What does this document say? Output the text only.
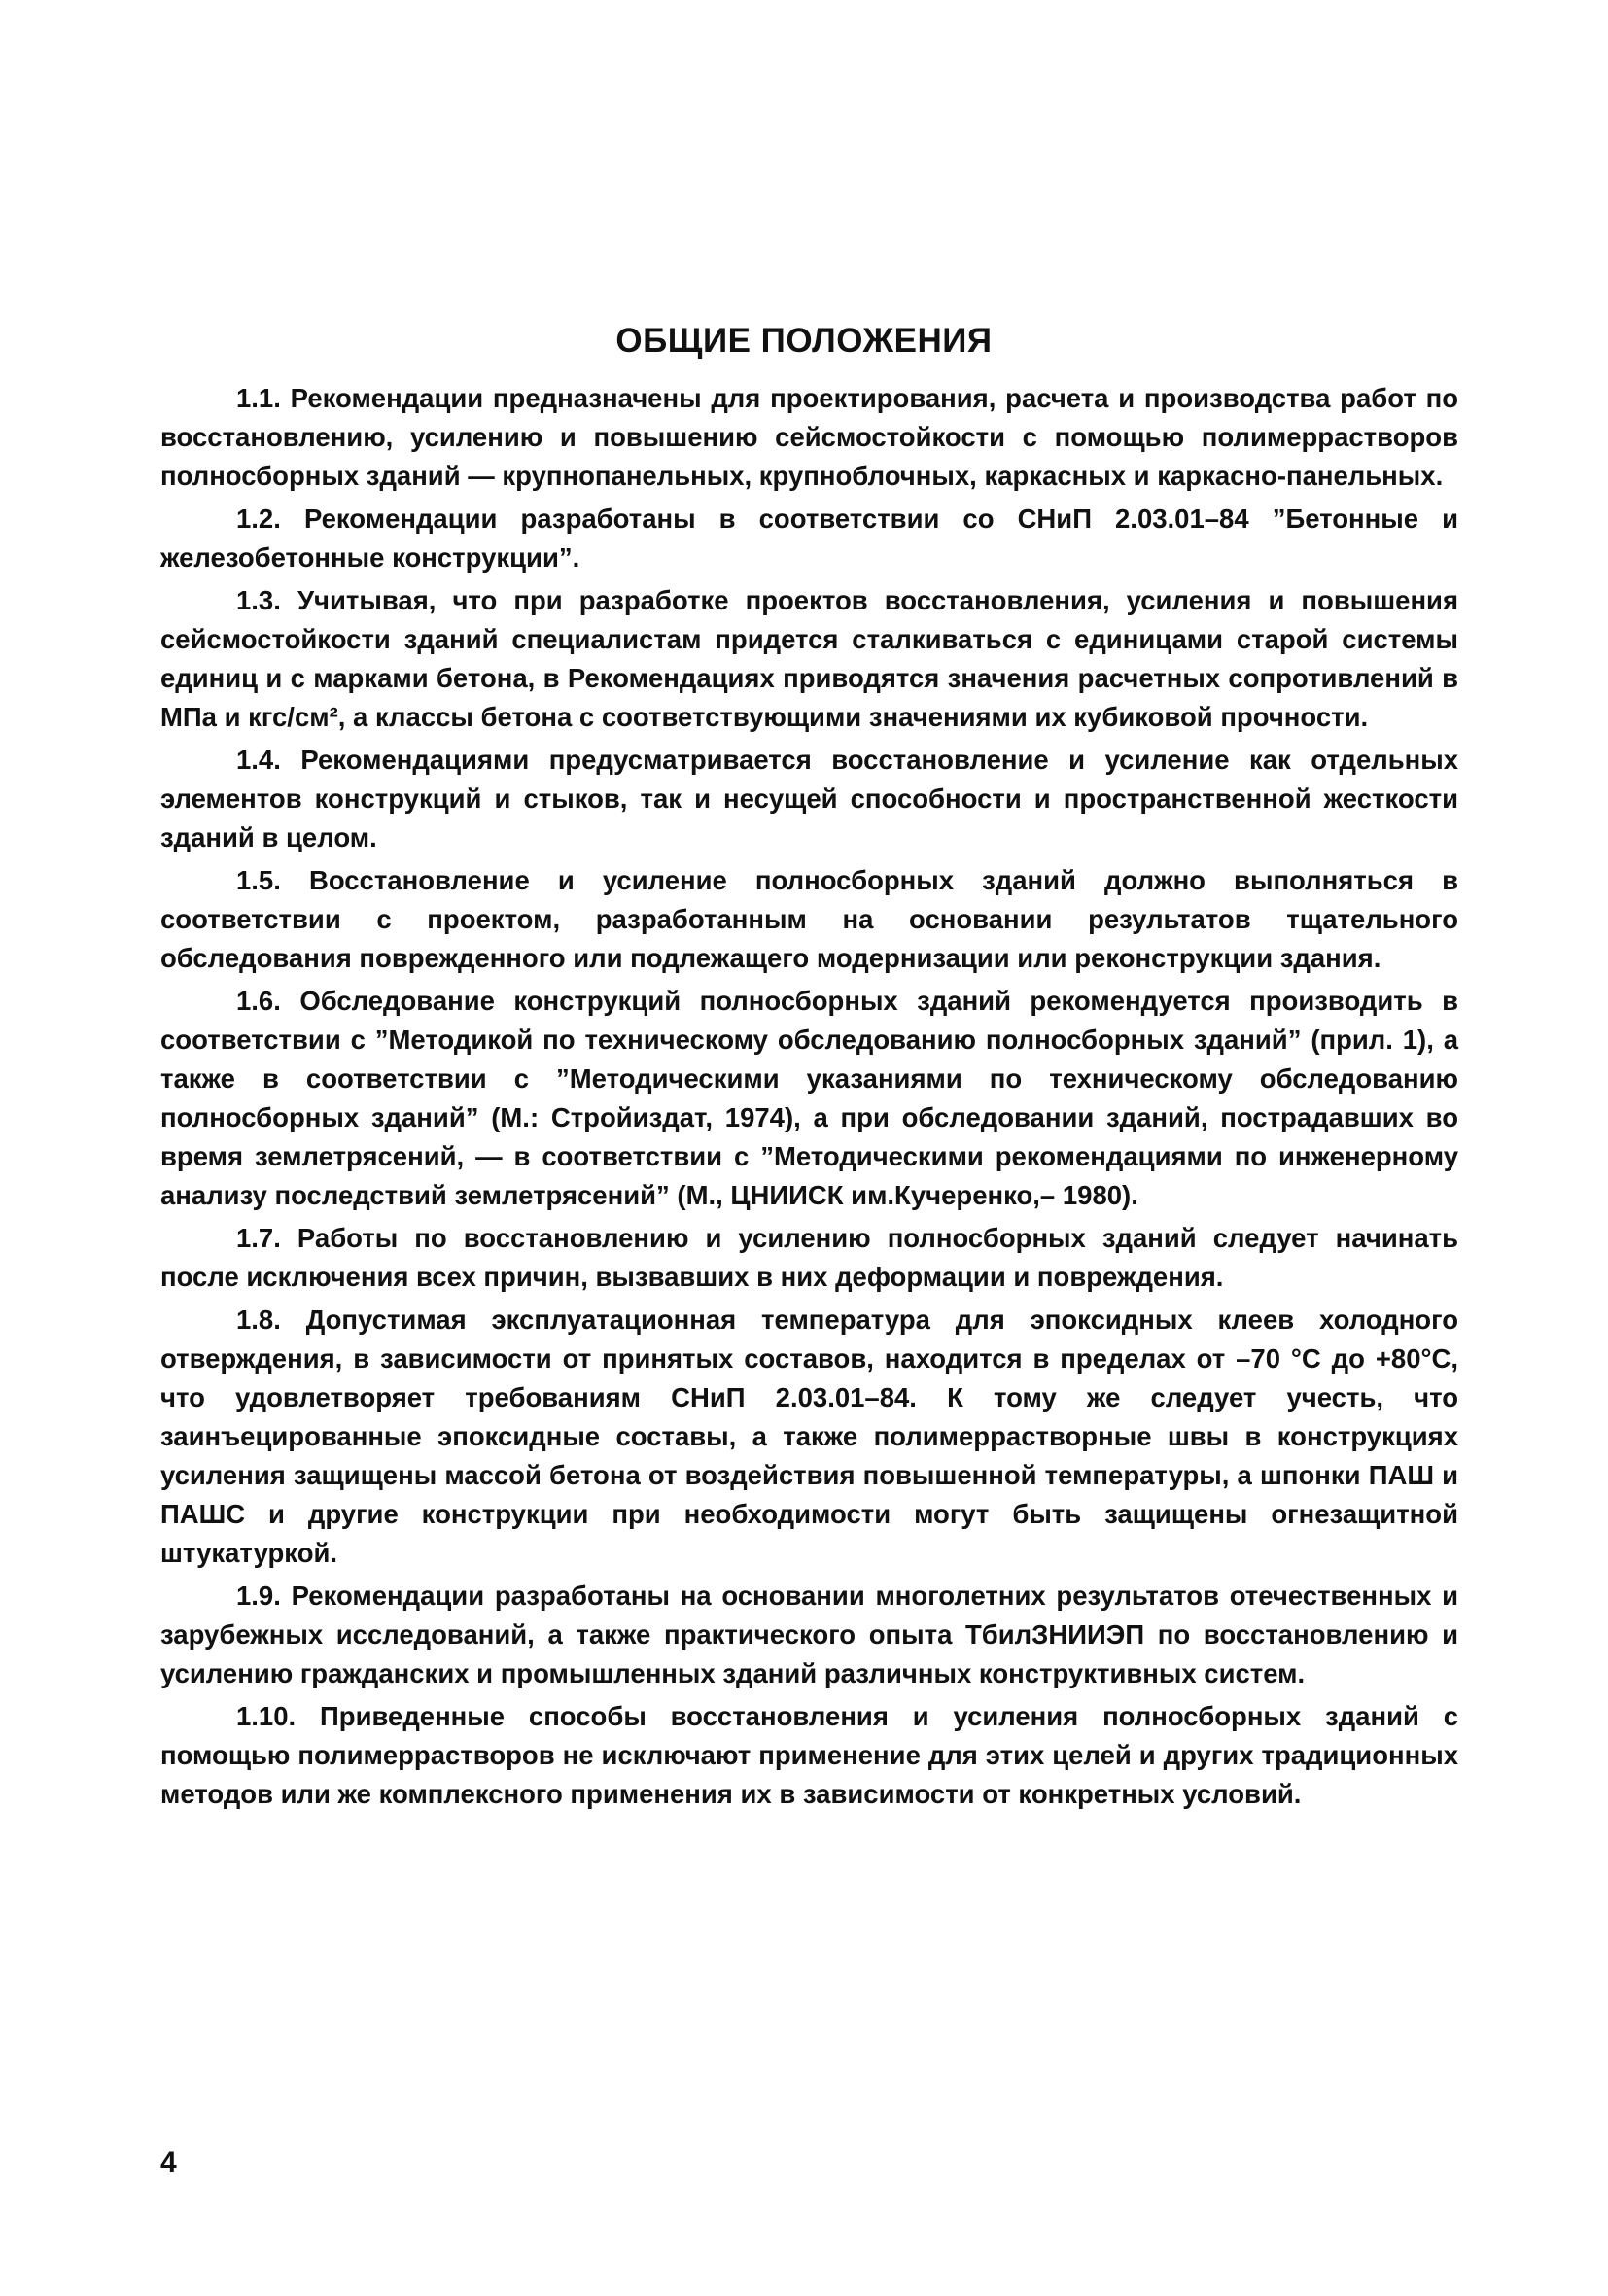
ОБЩИЕ ПОЛОЖЕНИЯ

1.1. Рекомендации предназначены для проектирования, расчета и производства работ по восстановлению, усилению и повышению сейсмостойкости с помощью полимеррастворов полносборных зданий — крупнопанельных, крупноблочных, каркасных и каркасно-панельных.

1.2. Рекомендации разработаны в соответствии со СНиП 2.03.01–84 ”Бетонные и железобетонные конструкции”.

1.3. Учитывая, что при разработке проектов восстановления, усиления и повышения сейсмостойкости зданий специалистам придется сталкиваться с единицами старой системы единиц и с марками бетона, в Рекомендациях приводятся значения расчетных сопротивлений в МПа и кгс/см², а классы бетона с соответствующими значениями их кубиковой прочности.

1.4. Рекомендациями предусматривается восстановление и усиление как отдельных элементов конструкций и стыков, так и несущей способности и пространственной жесткости зданий в целом.

1.5. Восстановление и усиление полносборных зданий должно выполняться в соответствии с проектом, разработанным на основании результатов тщательного обследования поврежденного или подлежащего модернизации или реконструкции здания.

1.6. Обследование конструкций полносборных зданий рекомендуется производить в соответствии с ”Методикой по техническому обследованию полносборных зданий” (прил. 1), а также в соответствии с ”Методическими указаниями по техническому обследованию полносборных зданий” (М.: Стройиздат, 1974), а при обследовании зданий, пострадавших во время землетрясений, — в соответствии с ”Методическими рекомендациями по инженерному анализу последствий землетрясений” (М., ЦНИИСК им.Кучеренко,– 1980).

1.7. Работы по восстановлению и усилению полносборных зданий следует начинать после исключения всех причин, вызвавших в них деформации и повреждения.

1.8. Допустимая эксплуатационная температура для эпоксидных клеев холодного отверждения, в зависимости от принятых составов, находится в пределах от –70 °С до +80°С, что удовлетворяет требованиям СНиП 2.03.01–84. К тому же следует учесть, что заинъецированные эпоксидные составы, а также полимеррастворные швы в конструкциях усиления защищены массой бетона от воздействия повышенной температуры, а шпонки ПАШ и ПАШС и другие конструкции при необходимости могут быть защищены огнезащитной штукатуркой.

1.9. Рекомендации разработаны на основании многолетних результатов отечественных и зарубежных исследований, а также практического опыта ТбилЗНИИЭП по восстановлению и усилению гражданских и промышленных зданий различных конструктивных систем.

1.10. Приведенные способы восстановления и усиления полносборных зданий с помощью полимеррастворов не исключают применение для этих целей и других традиционных методов или же комплексного применения их в зависимости от конкретных условий.

4
